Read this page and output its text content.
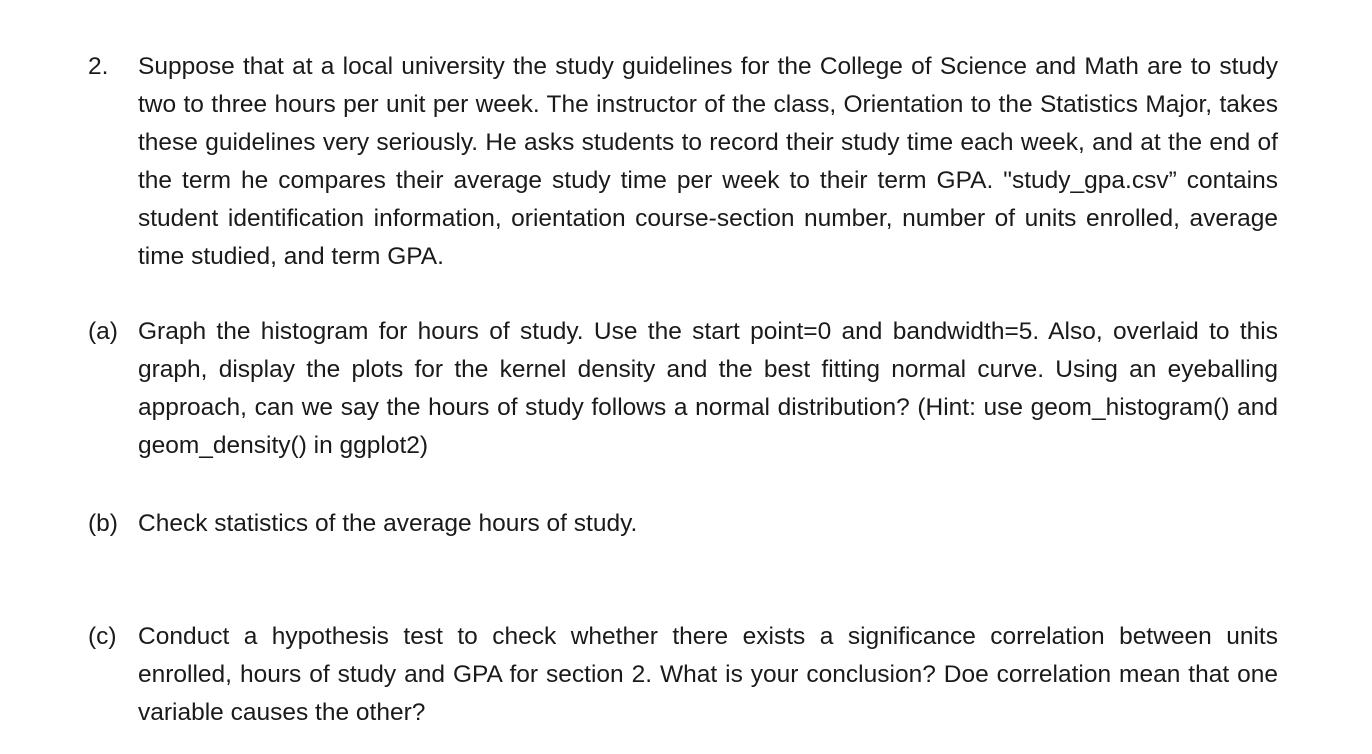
2.	Suppose that at a local university the study guidelines for the College of Science and Math are to study two to three hours per unit per week. The instructor of the class, Orientation to the Statistics Major, takes these guidelines very seriously. He asks students to record their study time each week, and at the end of the term he compares their average study time per week to their term GPA. "study_gpa.csv” contains student identification information, orientation course-section number, number of units enrolled, average time studied, and term GPA.
(a) Graph the histogram for hours of study. Use the start point=0 and bandwidth=5. Also, overlaid to this graph, display the plots for the kernel density and the best fitting normal curve. Using an eyeballing approach, can we say the hours of study follows a normal distribution? (Hint: use geom_histogram() and geom_density() in ggplot2)
(b) Check statistics of the average hours of study.
(c) Conduct a hypothesis test to check whether there exists a significance correlation between units enrolled, hours of study and GPA for section 2. What is your conclusion? Doe correlation mean that one variable causes the other?
